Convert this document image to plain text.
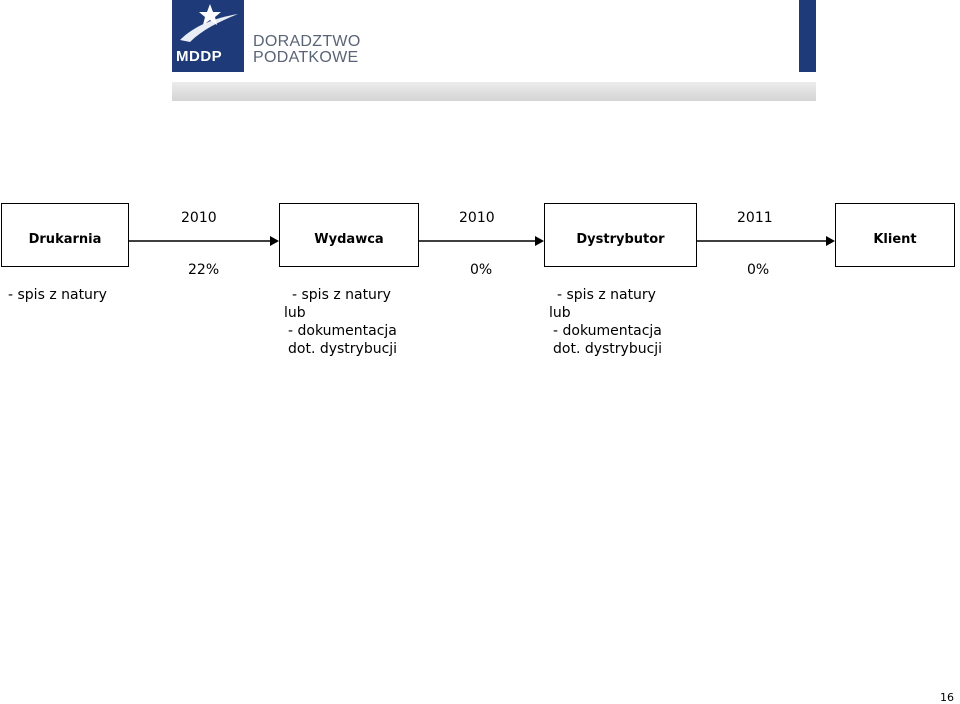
MDDP
DORADZTWO
PODATKOWE
Drukarnia	Wydawca	Dystrybutor	Klient
2010
22%
2010
0%
2011
0%
- spis z natury	- spis z natury
lub
- dokumentacja
dot. dystrybucji
- spis z natury
lub
- dokumentacja
dot. dystrybucji
16
